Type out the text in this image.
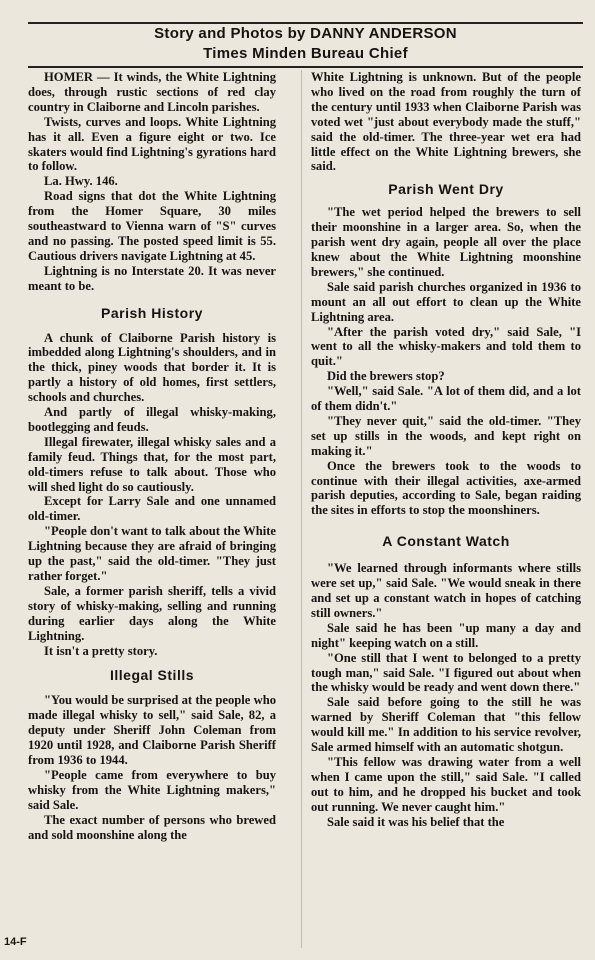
Story and Photos by DANNY ANDERSON
Times Minden Bureau Chief

HOMER — It winds, the White Lightning does, through rustic sections of red clay country in Claiborne and Lincoln parishes.

Twists, curves and loops. White Lightning has it all. Even a figure eight or two. Ice skaters would find Lightning's gyrations hard to follow.

La. Hwy. 146.

Road signs that dot the White Lightning from the Homer Square, 30 miles southeastward to Vienna warn of "S" curves and no passing. The posted speed limit is 55. Cautious drivers navigate Lightning at 45.

Lightning is no Interstate 20. It was never meant to be.

Parish History

A chunk of Claiborne Parish history is imbedded along Lightning's shoulders, and in the thick, piney woods that border it. It is partly a history of old homes, first settlers, schools and churches.

And partly of illegal whisky-making, bootlegging and feuds.

Illegal firewater, illegal whisky sales and a family feud. Things that, for the most part, old-timers refuse to talk about. Those who will shed light do so cautiously.

Except for Larry Sale and one unnamed old-timer.

"People don't want to talk about the White Lightning because they are afraid of bringing up the past," said the old-timer. "They just rather forget."

Sale, a former parish sheriff, tells a vivid story of whisky-making, selling and running during earlier days along the White Lightning.

It isn't a pretty story.

Illegal Stills

"You would be surprised at the people who made illegal whisky to sell," said Sale, 82, a deputy under Sheriff John Coleman from 1920 until 1928, and Claiborne Parish Sheriff from 1936 to 1944.

"People came from everywhere to buy whisky from the White Lightning makers," said Sale.

The exact number of persons who brewed and sold moonshine along the

White Lightning is unknown. But of the people who lived on the road from roughly the turn of the century until 1933 when Claiborne Parish was voted wet "just about everybody made the stuff," said the old-timer. The three-year wet era had little effect on the White Lightning brewers, she said.

Parish Went Dry

"The wet period helped the brewers to sell their moonshine in a larger area. So, when the parish went dry again, people all over the place knew about the White Lightning moonshine brewers," she continued.

Sale said parish churches organized in 1936 to mount an all out effort to clean up the White Lightning area.

"After the parish voted dry," said Sale, "I went to all the whisky-makers and told them to quit."

Did the brewers stop?

"Well," said Sale. "A lot of them did, and a lot of them didn't."

"They never quit," said the old-timer. "They set up stills in the woods, and kept right on making it."

Once the brewers took to the woods to continue with their illegal activities, axe-armed parish deputies, according to Sale, began raiding the sites in efforts to stop the moonshiners.

A Constant Watch

"We learned through informants where stills were set up," said Sale. "We would sneak in there and set up a constant watch in hopes of catching still owners."

Sale said he has been "up many a day and night" keeping watch on a still.

"One still that I went to belonged to a pretty tough man," said Sale. "I figured out about when the whisky would be ready and went down there."

Sale said before going to the still he was warned by Sheriff Coleman that "this fellow would kill me." In addition to his service revolver, Sale armed himself with an automatic shotgun.

"This fellow was drawing water from a well when I came upon the still," said Sale. "I called out to him, and he dropped his bucket and took out running. We never caught him."

Sale said it was his belief that the

14-F
